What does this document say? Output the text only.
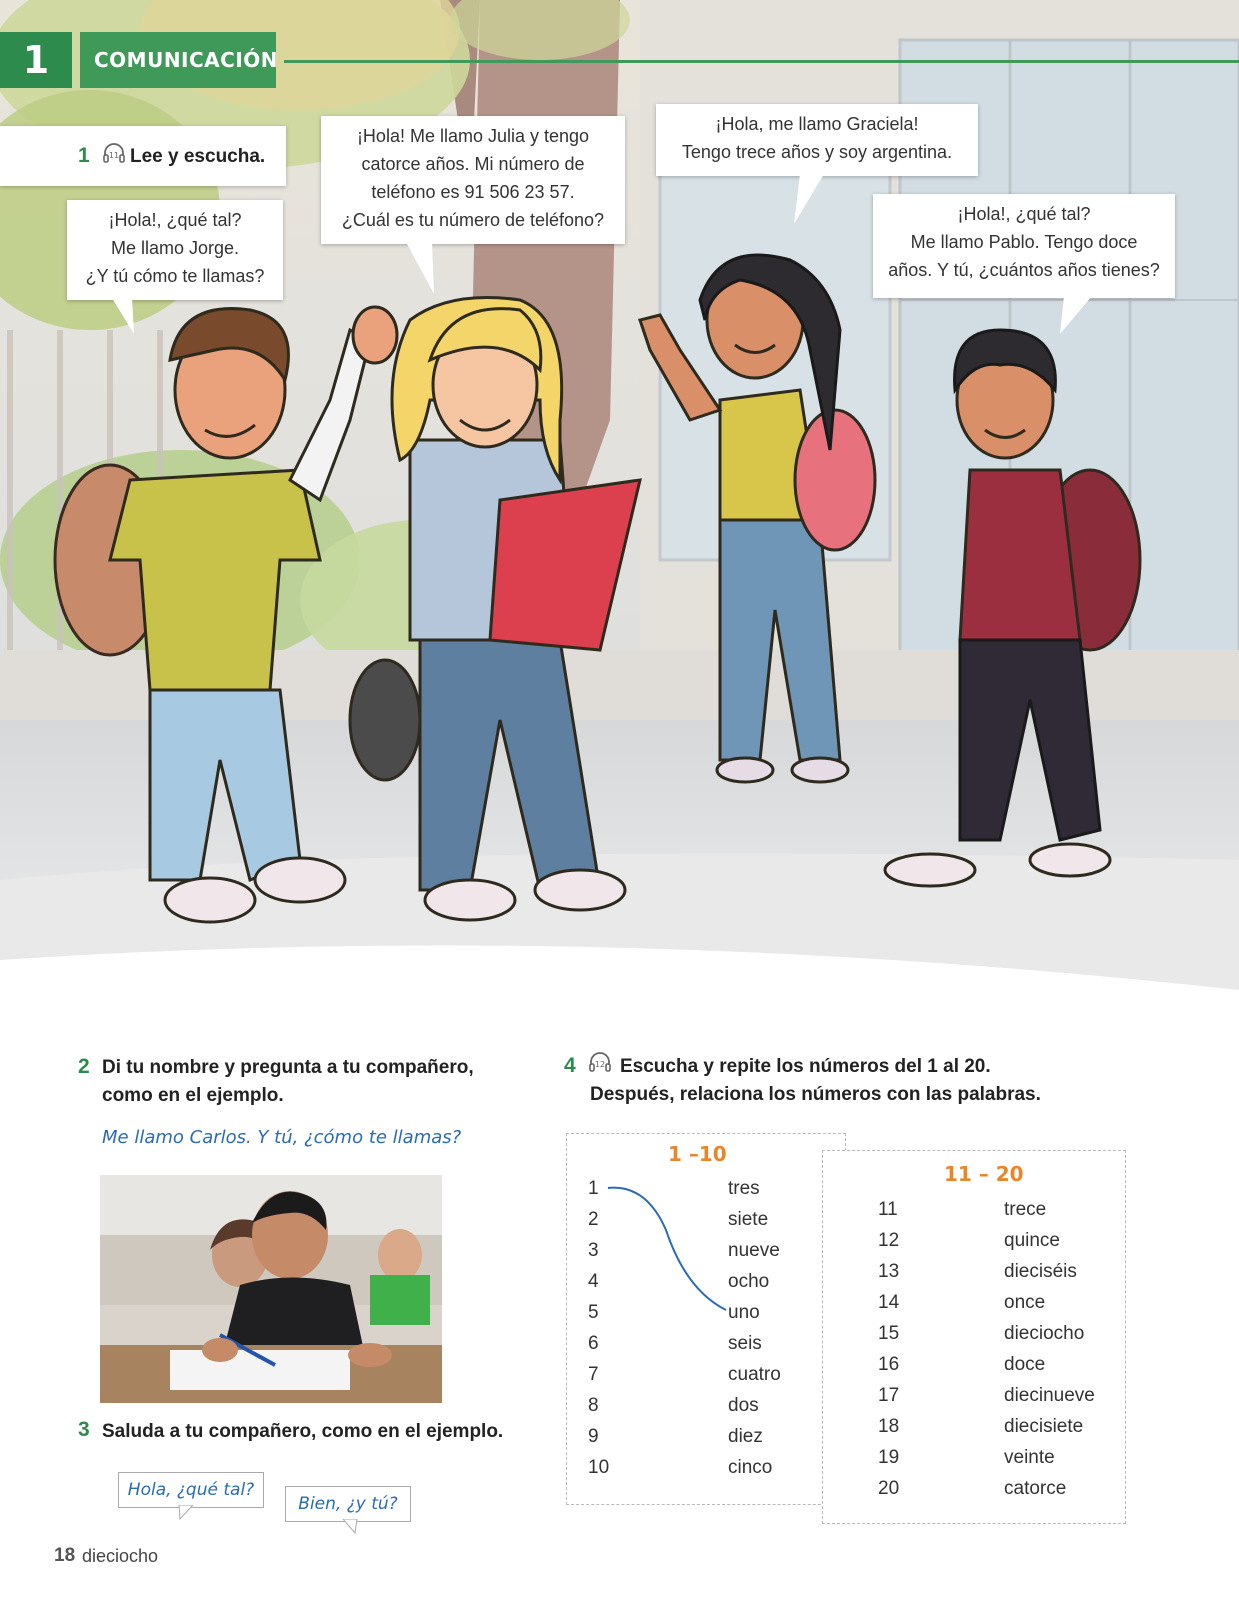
1	COMUNICACIÓN
1 11 Lee y escucha.
¡Hola!, ¿qué tal?
Me llamo Jorge.
¿Y tú cómo te llamas?
¡Hola! Me llamo Julia y tengo
catorce años. Mi número de
teléfono es 91 506 23 57.
¿Cuál es tu número de teléfono?
¡Hola, me llamo Graciela!
Tengo trece años y soy argentina.
¡Hola!, ¿qué tal?
Me llamo Pablo. Tengo doce
años. Y tú, ¿cuántos años tienes?
2 Di tu nombre y pregunta a tu compañero,
como en el ejemplo.
Me llamo Carlos. Y tú, ¿cómo te llamas?
3 Saluda a tu compañero, como en el ejemplo.
Hola, ¿qué tal?
Bien, ¿y tú?
4 12 Escucha y repite los números del 1 al 20.
Después, relaciona los números con las palabras.
1 –10
1
2
3
4
5
6
7
8
9
10
tres
siete
nueve
ocho
uno
seis
cuatro
dos
diez
cinco
11 – 20
11
12
13
14
15
16
17
18
19
20
trece
quince
dieciséis
once
dieciocho
doce
diecinueve
diecisiete
veinte
catorce
18 dieciocho
